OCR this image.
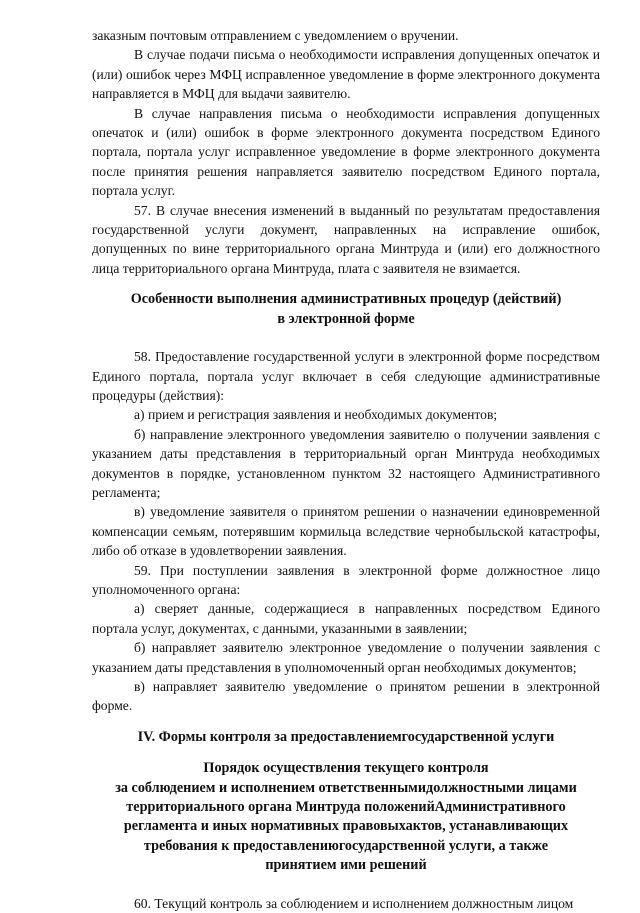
заказным почтовым отправлением с уведомлением о вручении.

В случае подачи письма о необходимости исправления допущенных опечаток и (или) ошибок через МФЦ исправленное уведомление в форме электронного документа направляется в МФЦ для выдачи заявителю.

В случае направления письма о необходимости исправления допущенных опечаток и (или) ошибок в форме электронного документа посредством Единого портала, портала услуг исправленное уведомление в форме электронного документа после принятия решения направляется заявителю посредством Единого портала, портала услуг.

57. В случае внесения изменений в выданный по результатам предоставления государственной услуги документ, направленных на исправление ошибок, допущенных по вине территориального органа Минтруда и (или) его должностного лица территориального органа Минтруда, плата с заявителя не взимается.

Особенности выполнения административных процедур (действий)
в электронной форме

58. Предоставление государственной услуги в электронной форме посредством Единого портала, портала услуг включает в себя следующие административные процедуры (действия):

а) прием и регистрация заявления и необходимых документов;

б) направление электронного уведомления заявителю о получении заявления с указанием даты представления в территориальный орган Минтруда необходимых документов в порядке, установленном пунктом 32 настоящего Административного регламента;

в) уведомление заявителя о принятом решении о назначении единовременной компенсации семьям, потерявшим кормильца вследствие чернобыльской катастрофы, либо об отказе в удовлетворении заявления.

59. При поступлении заявления в электронной форме должностное лицо уполномоченного органа:

а) сверяет данные, содержащиеся в направленных посредством Единого портала услуг, документах, с данными, указанными в заявлении;

б) направляет заявителю электронное уведомление о получении заявления с указанием даты представления в уполномоченный орган необходимых документов;

в) направляет заявителю уведомление о принятом решении в электронной форме.

IV. Формы контроля за предоставлениемгосударственной услуги
Порядок осуществления текущего контроля
за соблюдением и исполнением ответственнымидолжностными лицами
территориального органа Минтруда положенийАдминистративного
регламента и иных нормативных правовыхактов, устанавливающих
требования к предоставлениюгосударственной услуги, а также
принятием ими решений

60. Текущий контроль за соблюдением и исполнением должностным лицом
